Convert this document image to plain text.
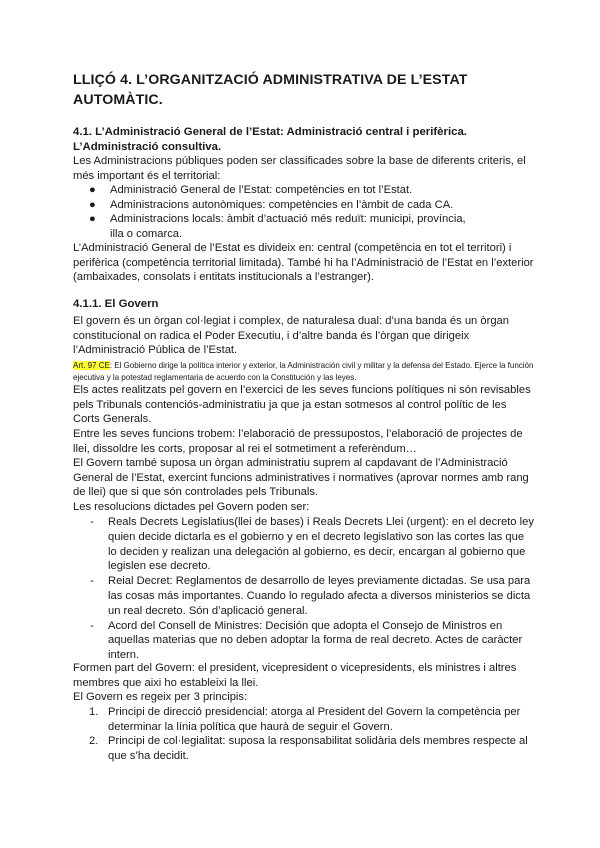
LLIÇÓ 4. L’ORGANITZACIÓ ADMINISTRATIVA DE L’ESTAT AUTOMÀTIC.
4.1. L’Administració General de l’Estat: Administració central i perifèrica. L’Administració consultiva.
Les Administracions públiques poden ser classificades sobre la base de diferents criteris, el més important és el territorial:
● Administració General de l’Estat: competències en tot l’Estat.
● Administracions autonòmiques: competències en l’àmbit de cada CA.
● Administracions locals: àmbit d’actuació més reduït: municipi, província, illa o comarca.
L’Administració General de l’Estat es divideix en: central (competència en tot el territori) i perifèrica (competència territorial limitada). També hi ha l’Administració de l’Estat en l’exterior (ambaixades, consolats i entitats institucionals a l’estranger).
4.1.1. El Govern
El govern és un òrgan col·legiat i complex, de naturalesa dual: d’una banda és un òrgan constitucional on radica el Poder Executiu, i d’altre banda és l’òrgan que dirigeix l’Administració Pública de l’Estat.
Art. 97 CE: El Gobierno dirige la política interior y exterior, la Administración civil y militar y la defensa del Estado. Ejerce la función ejecutiva y la potestad reglamentaria de acuerdo con la Constitución y las leyes.
Els actes realitzats pel govern en l’exercici de les seves funcions polítiques ni són revisables pels Tribunals contenciós-administratiu ja que ja estan sotmesos al control polític de les Corts Generals.
Entre les seves funcions trobem: l’elaboració de pressupostos, l’elaboració de projectes de llei, dissoldre les corts, proposar al rei el sotmetiment a referèndum…
El Govern també suposa un òrgan administratiu suprem al capdavant de l’Administració General de l’Estat, exercint funcions administratives i normatives (aprovar normes amb rang de llei) que si que són controlades pels Tribunals.
Les resolucions dictades pel Govern poden ser:
- Reals Decrets Legislatius(llei de bases) i Reals Decrets Llei (urgent): en el decreto ley quien decide dictarla es el gobierno y en el decreto legislativo son las cortes las que lo deciden y realizan una delegación al gobierno, es decir, encargan al gobierno que legislen ese decreto.
- Reial Decret: Reglamentos de desarrollo de leyes previamente dictadas. Se usa para las cosas más importantes. Cuando lo regulado afecta a diversos ministerios se dicta un real decreto. Són d’aplicació general.
- Acord del Consell de Ministres: Decisión que adopta el Consejo de Ministros en aquellas materias que no deben adoptar la forma de real decreto. Actes de caràcter intern.
Formen part del Govern: el president, vicepresident o vicepresidents, els ministres i altres membres que aixi ho estableixi la llei.
El Govern es regeix per 3 principis:
1. Principi de direcció presidencial: atorga al President del Govern la competència per determinar la línia política que haurà de seguir el Govern.
2. Principi de col·legialitat: suposa la responsabilitat solidària dels membres respecte al que s’ha decidit.
